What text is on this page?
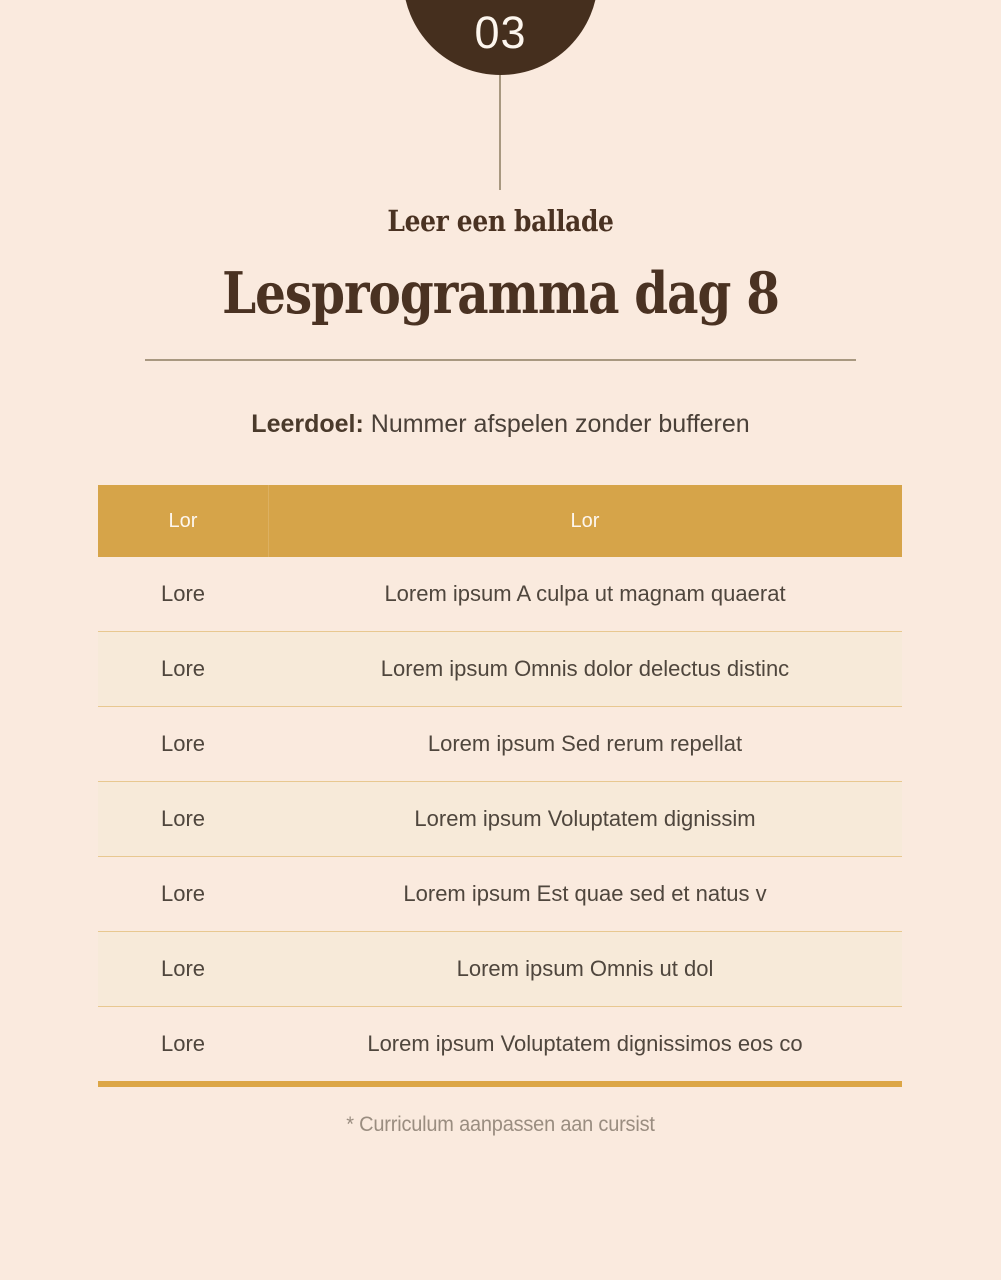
03
Leer een ballade
Lesprogramma dag 8
Leerdoel: Nummer afspelen zonder bufferen
Lor	Lor
Lore	Lorem ipsum A culpa ut magnam quaerat
Lore	Lorem ipsum Omnis dolor delectus distinc
Lore	Lorem ipsum Sed rerum repellat
Lore	Lorem ipsum Voluptatem dignissim
Lore	Lorem ipsum Est quae sed et natus v
Lore	Lorem ipsum Omnis ut dol
Lore	Lorem ipsum Voluptatem dignissimos eos co
* Curriculum aanpassen aan cursist
